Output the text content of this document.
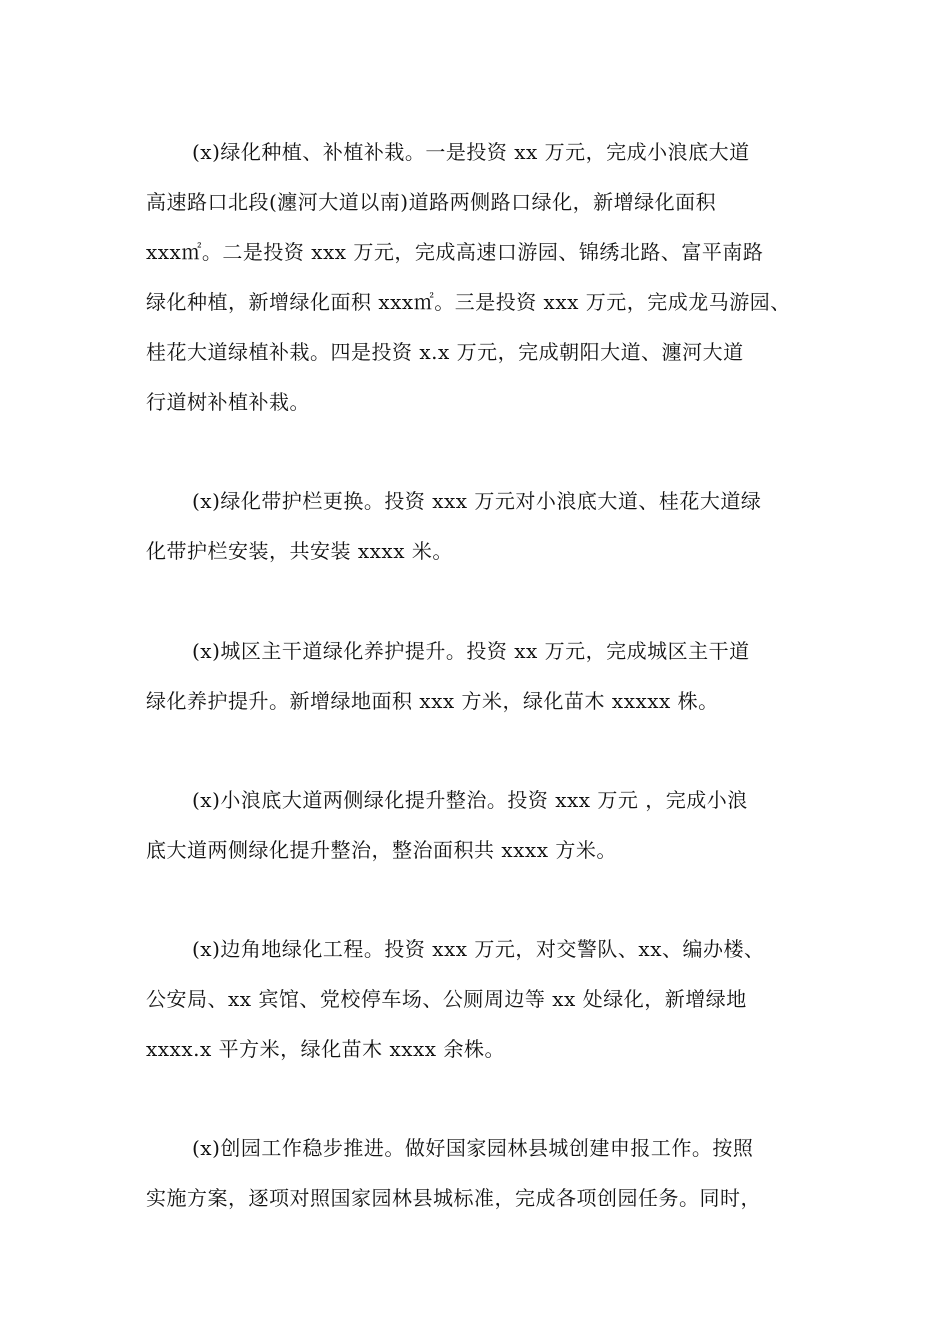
(x)绿化种植、补植补栽。一是投资 xx 万元，完成小浪底大道
高速路口北段(瀍河大道以南)道路两侧路口绿化，新增绿化面积
xxx㎡。二是投资 xxx 万元，完成高速口游园、锦绣北路、富平南路
绿化种植，新增绿化面积 xxx㎡。三是投资 xxx 万元，完成龙马游园、
桂花大道绿植补栽。四是投资 x.x 万元，完成朝阳大道、瀍河大道
行道树补植补栽。
(x)绿化带护栏更换。投资 xxx 万元对小浪底大道、桂花大道绿
化带护栏安装，共安装 xxxx 米。
(x)城区主干道绿化养护提升。投资 xx 万元，完成城区主干道
绿化养护提升。新增绿地面积 xxx 方米，绿化苗木 xxxxx 株。
(x)小浪底大道两侧绿化提升整治。投资 xxx 万元 ，完成小浪
底大道两侧绿化提升整治，整治面积共 xxxx 方米。
(x)边角地绿化工程。投资 xxx 万元，对交警队、xx、编办楼、
公安局、xx 宾馆、党校停车场、公厕周边等 xx 处绿化，新增绿地
xxxx.x 平方米，绿化苗木 xxxx 余株。
(x)创园工作稳步推进。做好国家园林县城创建申报工作。按照
实施方案，逐项对照国家园林县城标准，完成各项创园任务。同时，
